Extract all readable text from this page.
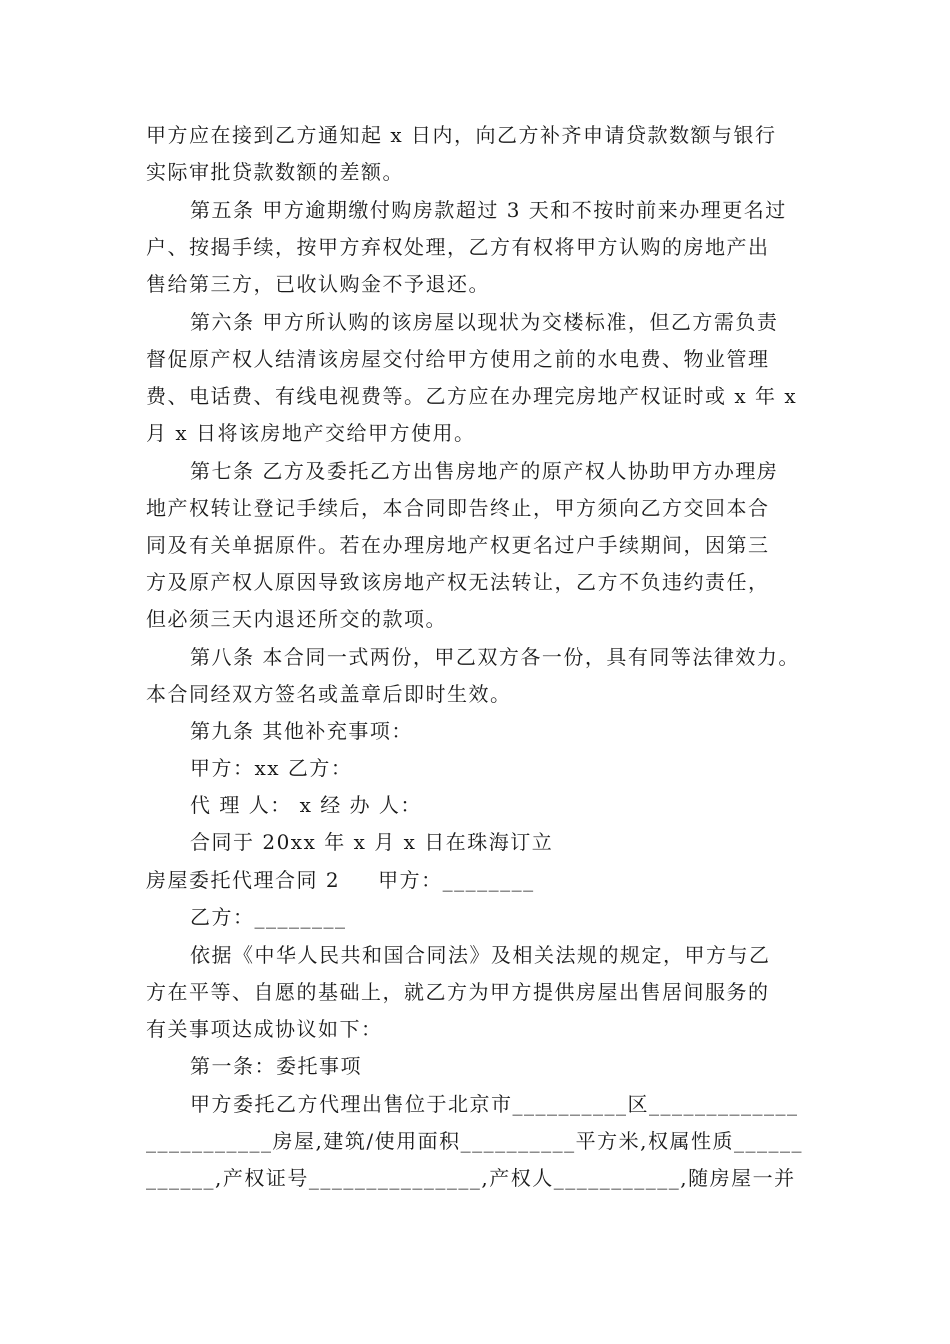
甲方应在接到乙方通知起 x 日内，向乙方补齐申请贷款数额与银行
实际审批贷款数额的差额。
第五条 甲方逾期缴付购房款超过 3 天和不按时前来办理更名过
户、按揭手续，按甲方弃权处理，乙方有权将甲方认购的房地产出
售给第三方，已收认购金不予退还。
第六条 甲方所认购的该房屋以现状为交楼标准，但乙方需负责
督促原产权人结清该房屋交付给甲方使用之前的水电费、物业管理
费、电话费、有线电视费等。乙方应在办理完房地产权证时或 x 年 x
月 x 日将该房地产交给甲方使用。
第七条 乙方及委托乙方出售房地产的原产权人协助甲方办理房
地产权转让登记手续后，本合同即告终止，甲方须向乙方交回本合
同及有关单据原件。若在办理房地产权更名过户手续期间，因第三
方及原产权人原因导致该房地产权无法转让，乙方不负违约责任，
但必须三天内退还所交的款项。
第八条 本合同一式两份，甲乙双方各一份，具有同等法律效力。
本合同经双方签名或盖章后即时生效。
第九条 其他补充事项：
甲方：xx 乙方：
代 理 人： x 经 办 人：
合同于 20xx 年 x 月 x 日在珠海订立
房屋委托代理合同 2 甲方：________
乙方：________
依据《中华人民共和国合同法》及相关法规的规定，甲方与乙
方在平等、自愿的基础上，就乙方为甲方提供房屋出售居间服务的
有关事项达成协议如下：
第一条：委托事项
甲方委托乙方代理出售位于北京市__________区_____________
___________房屋,建筑/使用面积__________平方米,权属性质______
______,产权证号_______________,产权人___________,随房屋一并
